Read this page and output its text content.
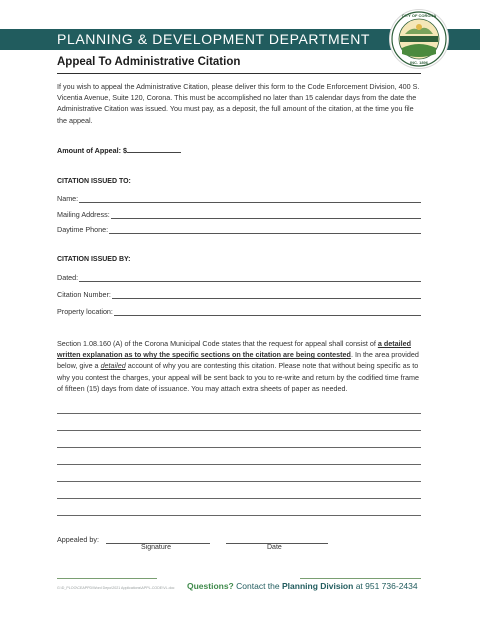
PLANNING & DEVELOPMENT DEPARTMENT
CITY OF CORONA
INC. 1896
Appeal To Administrative Citation
If you wish to appeal the Administrative Citation, please deliver this form to the Code Enforcement Division, 400 S. Vicentia Avenue, Suite 120, Corona. This must be accomplished no later than 15 calendar days from the date the Administrative Citation was issued. You must pay, as a deposit, the full amount of the citation, at the time you file the appeal.
Amount of Appeal: $
CITATION ISSUED TO:
Name:
Mailing Address:
Daytime Phone:
CITATION ISSUED BY:
Dated:
Citation Number:
Property location:
Section 1.08.160 (A) of the Corona Municipal Code states that the request for appeal shall consist of a detailed written explanation as to why the specific sections on the citation are being contested. In the area provided below, give a detailed account of why you are contesting this citation. Please note that without being specific as to why you contest the charges, your appeal will be sent back to you to re-write and return by the codified time frame of fifteen (15) days from date of issuance. You may attach extra sheets of paper as needed.
Appealed by:
Signature	Date
G:\D_PLOO\CEAPPD\Word Depo\2021 Applications\APPL-CODE\VL.doc Questions? Contact the Planning Division at 951 736-2434
